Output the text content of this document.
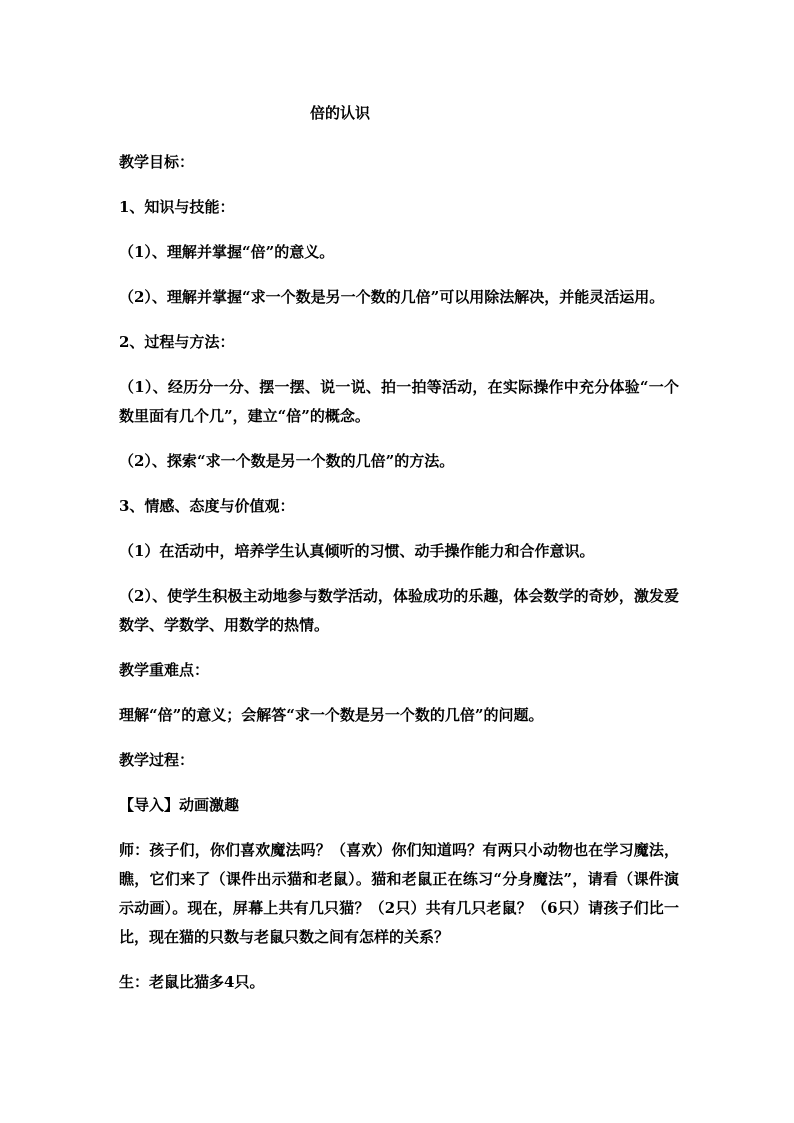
倍的认识

教学目标：

1、知识与技能：

（1）、理解并掌握“倍”的意义。

（2）、理解并掌握“求一个数是另一个数的几倍”可以用除法解决，并能灵活运用。

2、过程与方法：

（1）、经历分一分、摆一摆、说一说、拍一拍等活动，在实际操作中充分体验“一个数里面有几个几”，建立“倍”的概念。

（2）、探索“求一个数是另一个数的几倍”的方法。

3、情感、态度与价值观：

（1）在活动中，培养学生认真倾听的习惯、动手操作能力和合作意识。

（2）、使学生积极主动地参与数学活动，体验成功的乐趣，体会数学的奇妙，激发爱数学、学数学、用数学的热情。

教学重难点：

理解“倍”的意义；会解答“求一个数是另一个数的几倍”的问题。

教学过程：

【导入】动画激趣

师：孩子们，你们喜欢魔法吗？（喜欢）你们知道吗？有两只小动物也在学习魔法，瞧，它们来了（课件出示猫和老鼠）。猫和老鼠正在练习“分身魔法”，请看（课件演示动画）。现在，屏幕上共有几只猫？（2只）共有几只老鼠？（6只）请孩子们比一比，现在猫的只数与老鼠只数之间有怎样的关系？

生：老鼠比猫多4只。
